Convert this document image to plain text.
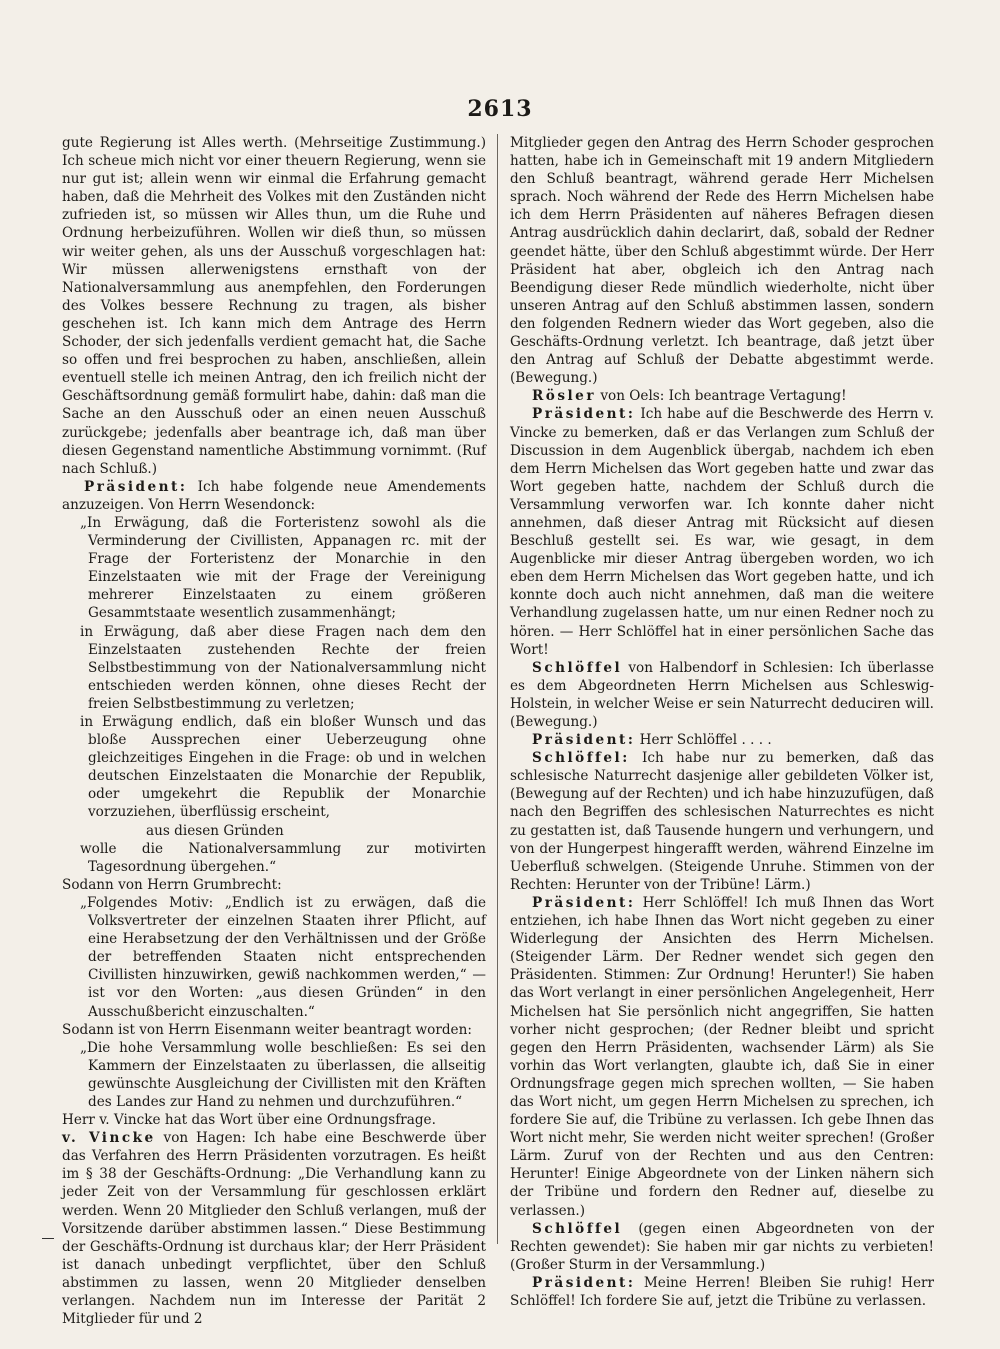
2613

gute Regierung ist Alles werth. (Mehrseitige Zustimmung.) Ich scheue mich nicht vor einer theuern Regierung, wenn sie nur gut ist; allein wenn wir einmal die Erfahrung gemacht haben, daß die Mehrheit des Volkes mit den Zuständen nicht zufrieden ist, so müssen wir Alles thun, um die Ruhe und Ordnung herbeizuführen. Wollen wir dieß thun, so müssen wir weiter gehen, als uns der Ausschuß vorgeschlagen hat: Wir müssen allerwenigstens ernsthaft von der Nationalversammlung aus anempfehlen, den Forderungen des Volkes bessere Rechnung zu tragen, als bisher geschehen ist. Ich kann mich dem Antrage des Herrn Schoder, der sich jedenfalls verdient gemacht hat, die Sache so offen und frei besprochen zu haben, anschließen, allein eventuell stelle ich meinen Antrag, den ich freilich nicht der Geschäftsordnung gemäß formulirt habe, dahin: daß man die Sache an den Ausschuß oder an einen neuen Ausschuß zurückgebe; jedenfalls aber beantrage ich, daß man über diesen Gegenstand namentliche Abstimmung vornimmt. (Ruf nach Schluß.)

Präsident: Ich habe folgende neue Amendements anzuzeigen. Von Herrn Wesendonck:

„In Erwägung, daß die Forteristenz sowohl als die Verminderung der Civillisten, Appanagen rc. mit der Frage der Forteristenz der Monarchie in den Einzelstaaten wie mit der Frage der Vereinigung mehrerer Einzelstaaten zu einem größeren Gesammtstaate wesentlich zusammenhängt;

in Erwägung, daß aber diese Fragen nach dem den Einzelstaaten zustehenden Rechte der freien Selbstbestimmung von der Nationalversammlung nicht entschieden werden können, ohne dieses Recht der freien Selbstbestimmung zu verletzen;

in Erwägung endlich, daß ein bloßer Wunsch und das bloße Aussprechen einer Ueberzeugung ohne gleichzeitiges Eingehen in die Frage: ob und in welchen deutschen Einzelstaaten die Monarchie der Republik, oder umgekehrt die Republik der Monarchie vorzuziehen, überflüssig erscheint,

aus diesen Gründen

wolle die Nationalversammlung zur motivirten Tagesordnung übergehen.“

Sodann von Herrn Grumbrecht:

„Folgendes Motiv: „Endlich ist zu erwägen, daß die Volksvertreter der einzelnen Staaten ihrer Pflicht, auf eine Herabsetzung der den Verhältnissen und der Größe der betreffenden Staaten nicht entsprechenden Civillisten hinzuwirken, gewiß nachkommen werden,“ — ist vor den Worten: „aus diesen Gründen“ in den Ausschußbericht einzuschalten.“

Sodann ist von Herrn Eisenmann weiter beantragt worden:

„Die hohe Versammlung wolle beschließen: Es sei den Kammern der Einzelstaaten zu überlassen, die allseitig gewünschte Ausgleichung der Civillisten mit den Kräften des Landes zur Hand zu nehmen und durchzuführen.“

Herr v. Vincke hat das Wort über eine Ordnungsfrage.

v. Vincke von Hagen: Ich habe eine Beschwerde über das Verfahren des Herrn Präsidenten vorzutragen. Es heißt im § 38 der Geschäfts-Ordnung: „Die Verhandlung kann zu jeder Zeit von der Versammlung für geschlossen erklärt werden. Wenn 20 Mitglieder den Schluß verlangen, muß der Vorsitzende darüber abstimmen lassen.“ Diese Bestimmung der Geschäfts-Ordnung ist durchaus klar; der Herr Präsident ist danach unbedingt verpflichtet, über den Schluß abstimmen zu lassen, wenn 20 Mitglieder denselben verlangen. Nachdem nun im Interesse der Parität 2 Mitglieder für und 2

Mitglieder gegen den Antrag des Herrn Schoder gesprochen hatten, habe ich in Gemeinschaft mit 19 andern Mitgliedern den Schluß beantragt, während gerade Herr Michelsen sprach. Noch während der Rede des Herrn Michelsen habe ich dem Herrn Präsidenten auf näheres Befragen diesen Antrag ausdrücklich dahin declarirt, daß, sobald der Redner geendet hätte, über den Schluß abgestimmt würde. Der Herr Präsident hat aber, obgleich ich den Antrag nach Beendigung dieser Rede mündlich wiederholte, nicht über unseren Antrag auf den Schluß abstimmen lassen, sondern den folgenden Rednern wieder das Wort gegeben, also die Geschäfts-Ordnung verletzt. Ich beantrage, daß jetzt über den Antrag auf Schluß der Debatte abgestimmt werde. (Bewegung.)

Rösler von Oels: Ich beantrage Vertagung!

Präsident: Ich habe auf die Beschwerde des Herrn v. Vincke zu bemerken, daß er das Verlangen zum Schluß der Discussion in dem Augenblick übergab, nachdem ich eben dem Herrn Michelsen das Wort gegeben hatte und zwar das Wort gegeben hatte, nachdem der Schluß durch die Versammlung verworfen war. Ich konnte daher nicht annehmen, daß dieser Antrag mit Rücksicht auf diesen Beschluß gestellt sei. Es war, wie gesagt, in dem Augenblicke mir dieser Antrag übergeben worden, wo ich eben dem Herrn Michelsen das Wort gegeben hatte, und ich konnte doch auch nicht annehmen, daß man die weitere Verhandlung zugelassen hatte, um nur einen Redner noch zu hören. — Herr Schlöffel hat in einer persönlichen Sache das Wort!

Schlöffel von Halbendorf in Schlesien: Ich überlasse es dem Abgeordneten Herrn Michelsen aus Schleswig-Holstein, in welcher Weise er sein Naturrecht deduciren will. (Bewegung.)

Präsident: Herr Schlöffel . . . .

Schlöffel: Ich habe nur zu bemerken, daß das schlesische Naturrecht dasjenige aller gebildeten Völker ist, (Bewegung auf der Rechten) und ich habe hinzuzufügen, daß nach den Begriffen des schlesischen Naturrechtes es nicht zu gestatten ist, daß Tausende hungern und verhungern, und von der Hungerpest hingerafft werden, während Einzelne im Ueberfluß schwelgen. (Steigende Unruhe. Stimmen von der Rechten: Herunter von der Tribüne! Lärm.)

Präsident: Herr Schlöffel! Ich muß Ihnen das Wort entziehen, ich habe Ihnen das Wort nicht gegeben zu einer Widerlegung der Ansichten des Herrn Michelsen. (Steigender Lärm. Der Redner wendet sich gegen den Präsidenten. Stimmen: Zur Ordnung! Herunter!) Sie haben das Wort verlangt in einer persönlichen Angelegenheit, Herr Michelsen hat Sie persönlich nicht angegriffen, Sie hatten vorher nicht gesprochen; (der Redner bleibt und spricht gegen den Herrn Präsidenten, wachsender Lärm) als Sie vorhin das Wort verlangten, glaubte ich, daß Sie in einer Ordnungsfrage gegen mich sprechen wollten, — Sie haben das Wort nicht, um gegen Herrn Michelsen zu sprechen, ich fordere Sie auf, die Tribüne zu verlassen. Ich gebe Ihnen das Wort nicht mehr, Sie werden nicht weiter sprechen! (Großer Lärm. Zuruf von der Rechten und aus den Centren: Herunter! Einige Abgeordnete von der Linken nähern sich der Tribüne und fordern den Redner auf, dieselbe zu verlassen.)

Schlöffel (gegen einen Abgeordneten von der Rechten gewendet): Sie haben mir gar nichts zu verbieten! (Großer Sturm in der Versammlung.)

Präsident: Meine Herren! Bleiben Sie ruhig! Herr Schlöffel! Ich fordere Sie auf, jetzt die Tribüne zu verlassen.
